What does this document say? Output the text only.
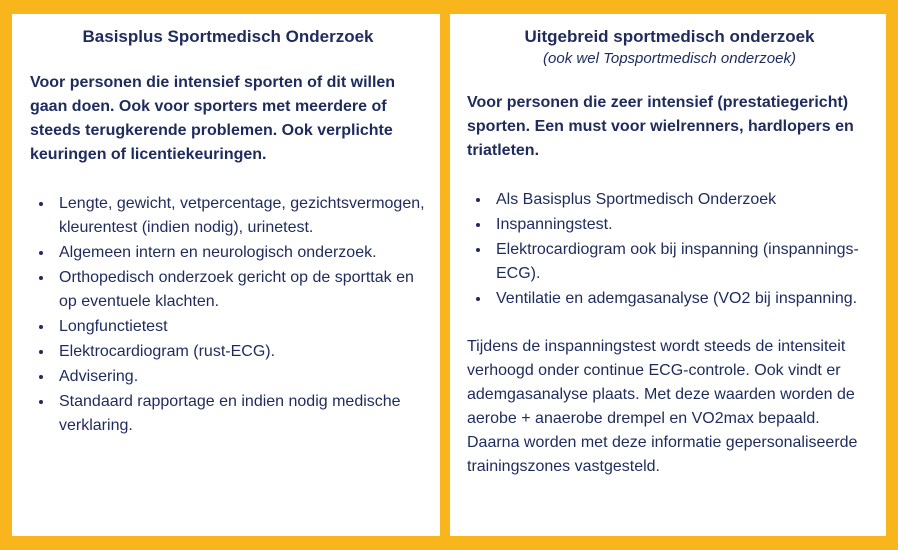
Basisplus Sportmedisch Onderzoek

Voor personen die intensief sporten of dit willen gaan doen. Ook voor sporters met meerdere of steeds terugkerende problemen. Ook verplichte keuringen of licentiekeuringen.

• Lengte, gewicht, vetpercentage, gezichtsvermogen, kleurentest (indien nodig), urinetest.
• Algemeen intern en neurologisch onderzoek.
• Orthopedisch onderzoek gericht op de sporttak en op eventuele klachten.
• Longfunctietest
• Elektrocardiogram (rust-ECG).
• Advisering.
• Standaard rapportage en indien nodig medische verklaring.

Uitgebreid sportmedisch onderzoek

(ook wel Topsportmedisch onderzoek)

Voor personen die zeer intensief (prestatiegericht) sporten. Een must voor wielrenners, hardlopers en triatleten.

• Als Basisplus Sportmedisch Onderzoek
• Inspanningstest.
• Elektrocardiogram ook bij inspanning (inspannings-ECG).
• Ventilatie en ademgasanalyse (VO2 bij inspanning.

Tijdens de inspanningstest wordt steeds de intensiteit verhoogd onder continue ECG-controle. Ook vindt er ademgasanalyse plaats. Met deze waarden worden de aerobe + anaerobe drempel en VO2max bepaald. Daarna worden met deze informatie gepersonaliseerde trainingszones vastgesteld.
